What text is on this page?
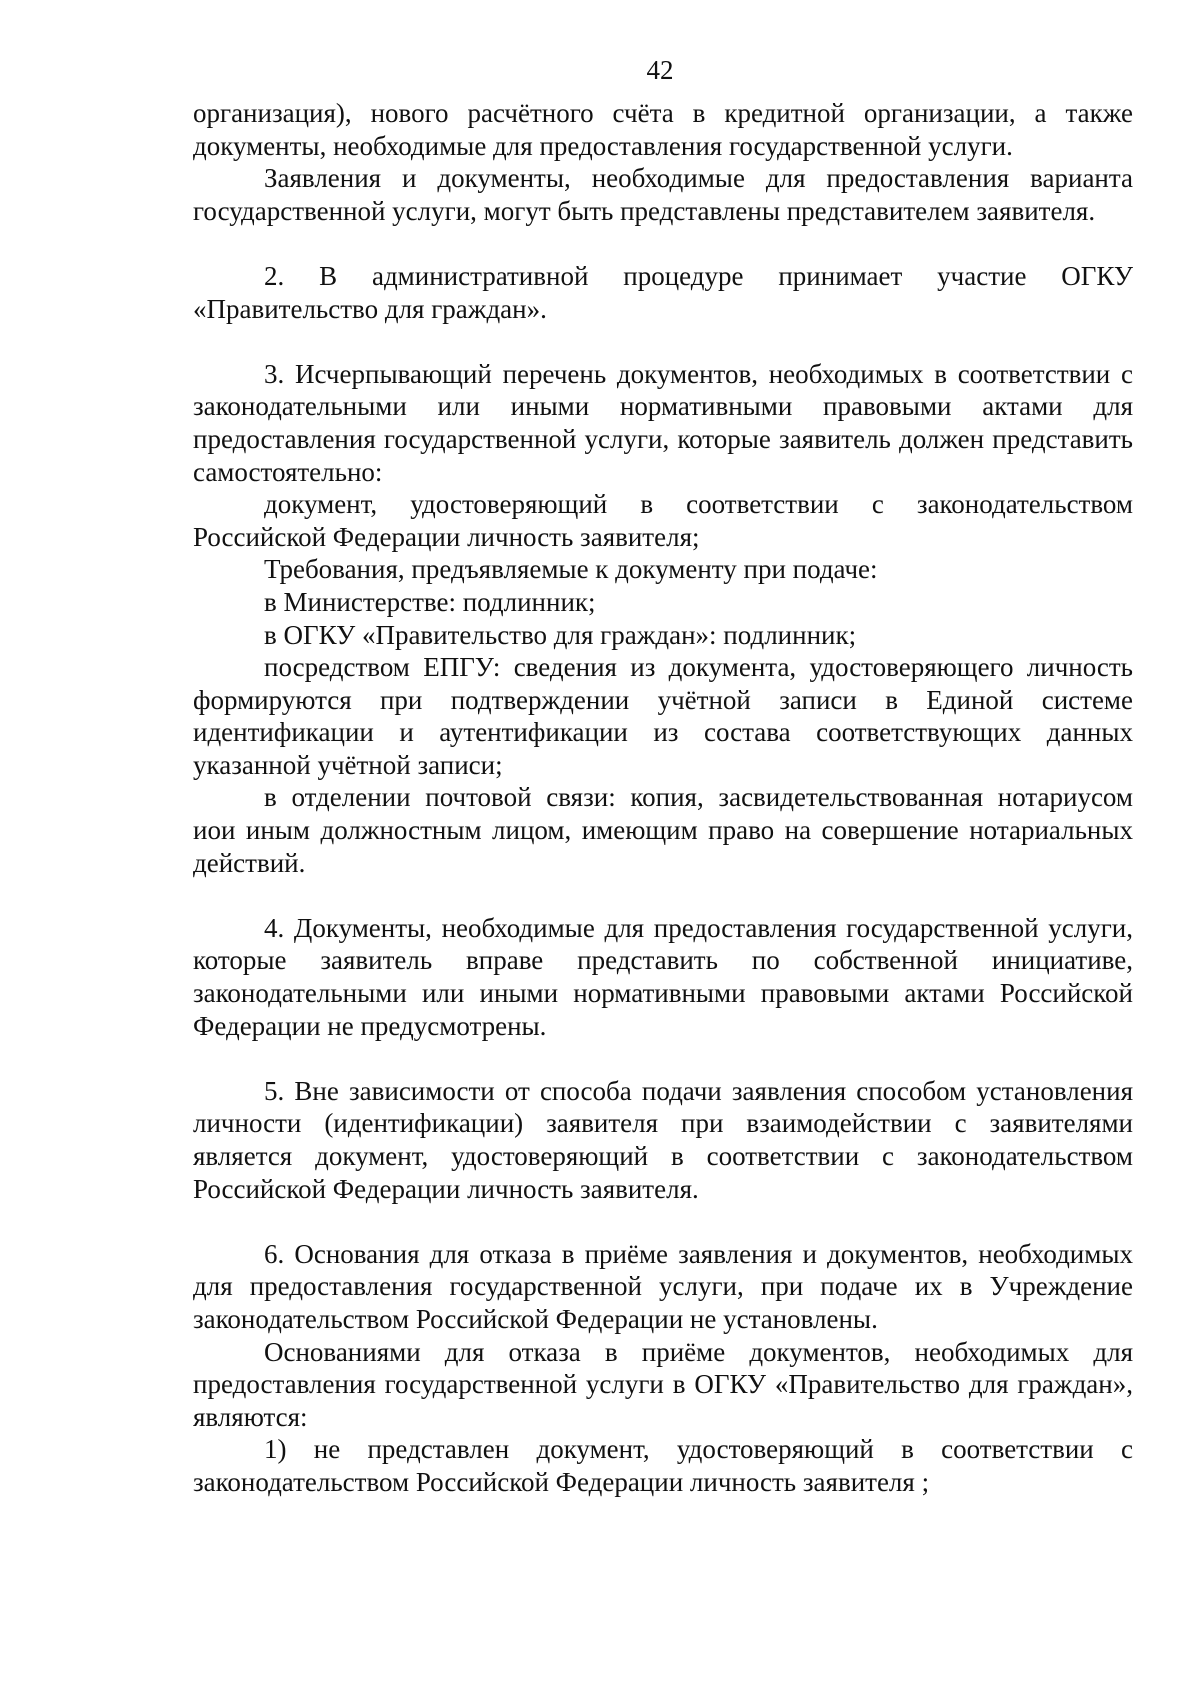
42

организация), нового расчётного счёта в кредитной организации, а также документы, необходимые для предоставления государственной услуги.

Заявления и документы, необходимые для предоставления варианта государственной услуги, могут быть представлены представителем заявителя.

2. В административной процедуре принимает участие ОГКУ «Правительство для граждан».

3. Исчерпывающий перечень документов, необходимых в соответствии с законодательными или иными нормативными правовыми актами для предоставления государственной услуги, которые заявитель должен представить самостоятельно:

документ, удостоверяющий в соответствии с законодательством Российской Федерации личность заявителя;

Требования, предъявляемые к документу при подаче:

в Министерстве: подлинник;

в ОГКУ «Правительство для граждан»: подлинник;

посредством ЕПГУ: сведения из документа, удостоверяющего личность формируются при подтверждении учётной записи в Единой системе идентификации и аутентификации из состава соответствующих данных указанной учётной записи;

в отделении почтовой связи: копия, засвидетельствованная нотариусом иои иным должностным лицом, имеющим право на совершение нотариальных действий.

4. Документы, необходимые для предоставления государственной услуги, которые заявитель вправе представить по собственной инициативе, законодательными или иными нормативными правовыми актами Российской Федерации не предусмотрены.

5. Вне зависимости от способа подачи заявления способом установления личности (идентификации) заявителя при взаимодействии с заявителями является документ, удостоверяющий в соответствии с законодательством Российской Федерации личность заявителя.

6. Основания для отказа в приёме заявления и документов, необходимых для предоставления государственной услуги, при подаче их в Учреждение законодательством Российской Федерации не установлены.

Основаниями для отказа в приёме документов, необходимых для предоставления государственной услуги в ОГКУ «Правительство для граждан», являются:

1) не представлен документ, удостоверяющий в соответствии с законодательством Российской Федерации личность заявителя ;
